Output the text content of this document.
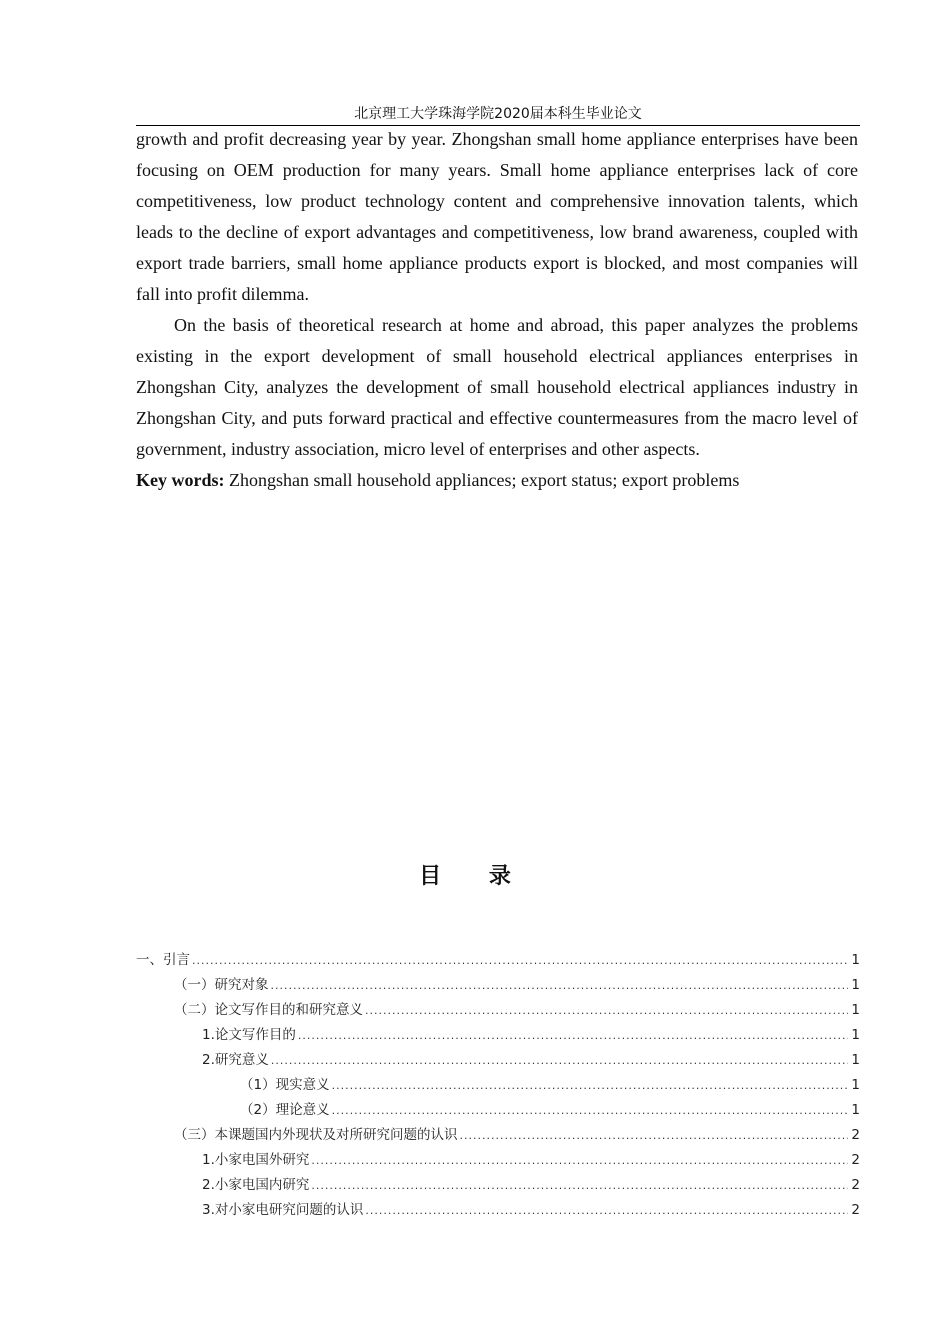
北京理工大学珠海学院2020届本科生毕业论文

growth and profit decreasing year by year. Zhongshan small home appliance enterprises have been focusing on OEM production for many years. Small home appliance enterprises lack of core competitiveness, low product technology content and comprehensive innovation talents, which leads to the decline of export advantages and competitiveness, low brand awareness, coupled with export trade barriers, small home appliance products export is blocked, and most companies will fall into profit dilemma.

On the basis of theoretical research at home and abroad, this paper analyzes the problems existing in the export development of small household electrical appliances enterprises in Zhongshan City, analyzes the development of small household electrical appliances industry in Zhongshan City, and puts forward practical and effective countermeasures from the macro level of government, industry association, micro level of enterprises and other aspects.

Key words: Zhongshan small household appliances; export status; export problems

目 录
一、引言 .....	1
（一）研究对象 .....	1
（二）论文写作目的和研究意义 .....	1
1.论文写作目的 .....	1
2.研究意义 .....	1
（1）现实意义 .....	1
（2）理论意义 .....	1
（三）本课题国内外现状及对所研究问题的认识 .....	2
1.小家电国外研究 .....	2
2.小家电国内研究 .....	2
3.对小家电研究问题的认识 .....	2
